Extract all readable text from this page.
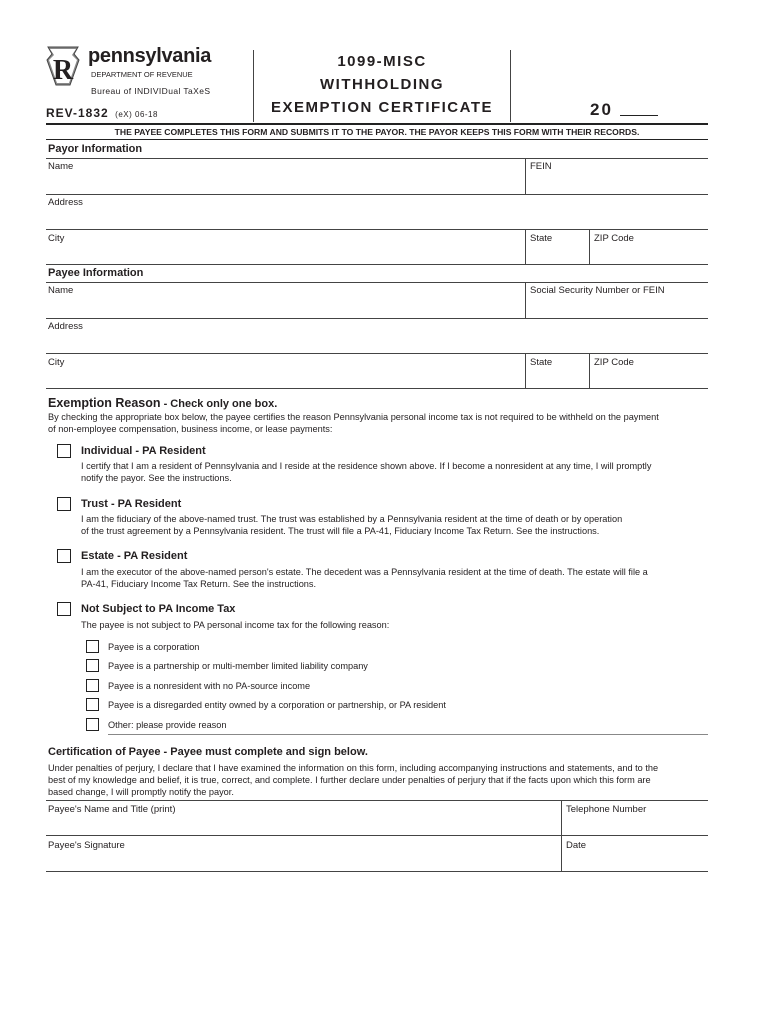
R pennsylvania
DEPARTMENT OF REVENUE
Bureau of INDIVIDual TaXeS
REV-1832 (eX) 06-18
1099-MISC
WITHHOLDING
EXEMPTION CERTIFICATE	20
THE PAYEE COMPLETES THIS FORM AND SUBMITS IT TO THE PAYOR. THE PAYOR KEEPS THIS FORM WITH THEIR RECORDS.
Payor Information
Name	FEIN
Address
City	State	ZIP Code
Payee Information
Name	Social Security Number or FEIN
Address
City	State	ZIP Code
Exemption Reason - Check only one box.
By checking the appropriate box below, the payee certifies the reason Pennsylvania personal income tax is not required to be withheld on the payment
of non-employee compensation, business income, or lease payments:
Individual - PA Resident
I certify that I am a resident of Pennsylvania and I reside at the residence shown above. If I become a nonresident at any time, I will promptly
notify the payor. See the instructions.
Trust - PA Resident
I am the fiduciary of the above-named trust. The trust was established by a Pennsylvania resident at the time of death or by operation
of the trust agreement by a Pennsylvania resident. The trust will file a PA-41, Fiduciary Income Tax Return. See the instructions.
Estate - PA Resident
I am the executor of the above-named person's estate. The decedent was a Pennsylvania resident at the time of death. The estate will file a
PA-41, Fiduciary Income Tax Return. See the instructions.
Not Subject to PA Income Tax
The payee is not subject to PA personal income tax for the following reason:
Payee is a corporation
Payee is a partnership or multi-member limited liability company
Payee is a nonresident with no PA-source income
Payee is a disregarded entity owned by a corporation or partnership, or PA resident
Other: please provide reason
Certification of Payee - Payee must complete and sign below.
Under penalties of perjury, I declare that I have examined the information on this form, including accompanying instructions and statements, and to the
best of my knowledge and belief, it is true, correct, and complete. I further declare under penalties of perjury that if the facts upon which this form are
based change, I will promptly notify the payor.
Payee's Name and Title (print)	Telephone Number
Payee's Signature	Date
